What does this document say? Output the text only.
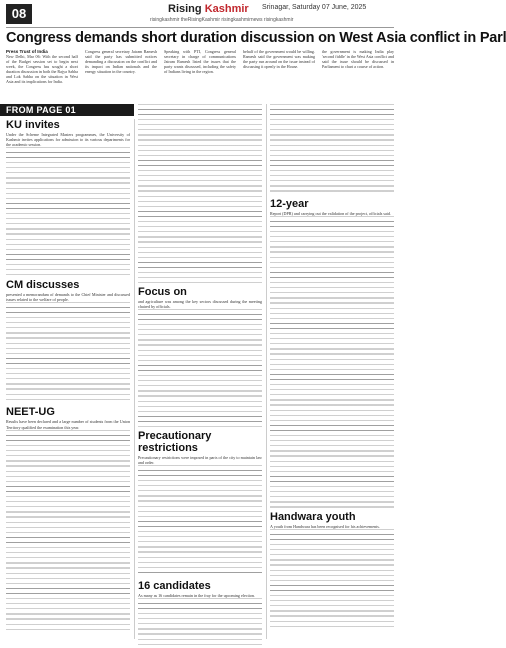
08	Rising Kashmir Srinagar, Saturday 07 June, 2025
risingkashmir theRisingKashmir risingkashmirnews risingkashmir
Congress demands short duration discussion on West Asia conflict in Parl
Press Trust of India
New Delhi, Mar 06: With the second half of the Budget session set to begin next week, the Congress has sought a short duration discussion in both the Rajya Sabha and Lok Sabha on the situation in West Asia and its implications for India.
Congress general secretary Jairam Ramesh said the party has submitted notices demanding a discussion on the conflict and its impact on Indian nationals and the energy situation in the country.
Speaking with PTI, Congress general secretary in charge of communications Jairam Ramesh listed the issues that the party wants discussed, including the safety of Indians living in the region.
behalf of the government would be willing. Ramesh said the government was making the party run around on the issue instead of discussing it openly in the House.
the government is making India play 'second fiddle' in the West Asia conflict and said the issue should be discussed in Parliament to chart a course of action.
FROM PAGE 01
KU invites

Under the Scheme Integrated Masters programmes, the University of Kashmir invites applications for admission to its various departments for the academic session.

CM discusses

presented a memorandum of demands to the Chief Minister and discussed issues related to the welfare of people.

NEET-UG

Results have been declared and a large number of students from the Union Territory qualified the examination this year.

Focus on

and agriculture was among the key sectors discussed during the meeting chaired by officials.

Precautionary restrictions

Precautionary restrictions were imposed in parts of the city to maintain law and order.

16 candidates

As many as 16 candidates remain in the fray for the upcoming election.

12-year

Report (DPR) and carrying out the validation of the project, officials said.

Handwara youth

A youth from Handwara has been recognised for his achievements.
